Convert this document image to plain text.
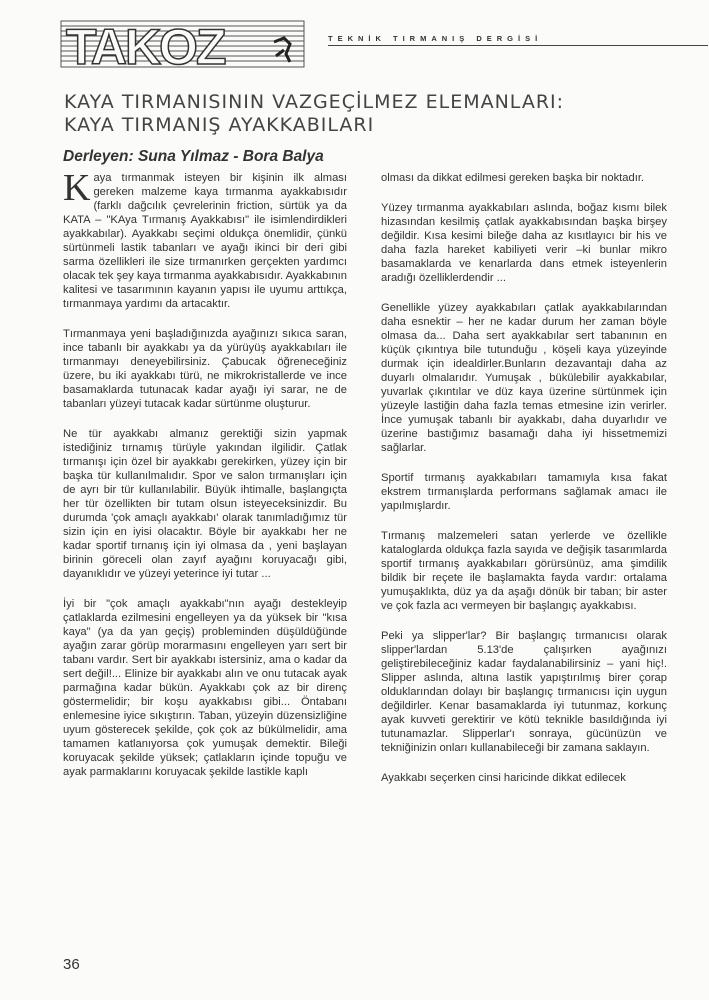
TAKOZ	TEKNİK TIRMANIŞ DERGİSİ
KAYA TIRMANISININ VAZGEÇİLMEZ ELEMANLARI:
KAYA TIRMANIŞ AYAKKABILARI
Derleyen: Suna Yılmaz - Bora Balya

Kaya tırmanmak isteyen bir kişinin ilk alması gereken malzeme kaya tırmanma ayakkabısıdır (farklı dağcılık çevrelerinin friction, sürtük ya da KATA – "KAya Tırmanış Ayakkabısı" ile isimlendirdikleri ayakkabılar). Ayakkabı seçimi oldukça önemlidir, çünkü sürtünmeli lastik tabanları ve ayağı ikinci bir deri gibi sarma özellikleri ile size tırmanırken gerçekten yardımcı olacak tek şey kaya tırmanma ayakkabısıdır. Ayakkabının kalitesi ve tasarımının kayanın yapısı ile uyumu arttıkça, tırmanmaya yardımı da artacaktır.

Tırmanmaya yeni başladığınızda ayağınızı sıkıca saran, ince tabanlı bir ayakkabı ya da yürüyüş ayakkabıları ile tırmanmayı deneyebilirsiniz. Çabucak öğreneceğiniz üzere, bu iki ayakkabı türü, ne mikrokristallerde ve ince basamaklarda tutunacak kadar ayağı iyi sarar, ne de tabanları yüzeyi tutacak kadar sürtünme oluşturur.

Ne tür ayakkabı almanız gerektiği sizin yapmak istediğiniz tırnamış türüyle yakından ilgilidir. Çatlak tırmanışı için özel bir ayakkabı gerekirken, yüzey için bir başka tür kullanılmalıdır. Spor ve salon tırmanışları için de ayrı bir tür kullanılabilir. Büyük ihtimalle, başlangıçta her tür özellikten bir tutam olsun isteyeceksinizdir. Bu durumda 'çok amaçlı ayakkabı' olarak tanımladığımız tür sizin için en iyisi olacaktır. Böyle bir ayakkabı her ne kadar sportif tırnanış için iyi olmasa da , yeni başlayan birinin göreceli olan zayıf ayağını koruyacağı gibi, dayanıklıdır ve yüzeyi yeterince iyi tutar ...

İyi bir "çok amaçlı ayakkabı"nın ayağı destekleyip çatlaklarda ezilmesini engelleyen ya da yüksek bir "kısa kaya" (ya da yan geçiş) probleminden düşüldüğünde ayağın zarar görüp morarmasını engelleyen yarı sert bir tabanı vardır. Sert bir ayakkabı istersiniz, ama o kadar da sert değil!... Elinize bir ayakkabı alın ve onu tutacak ayak parmağına kadar bükün. Ayakkabı çok az bir direnç göstermelidir; bir koşu ayakkabısı gibi... Öntabanı enlemesine iyice sıkıştırın. Taban, yüzeyin düzensizliğine uyum gösterecek şekilde, çok çok az bükülmelidir, ama tamamen katlanıyorsa çok yumuşak demektir. Bileği koruyacak şekilde yüksek; çatlakların içinde topuğu ve ayak parmaklarını koruyacak şekilde lastikle kaplı

olması da dikkat edilmesi gereken başka bir noktadır.

Yüzey tırmanma ayakkabıları aslında, boğaz kısmı bilek hizasından kesilmiş çatlak ayakkabısından başka birşey değildir. Kısa kesimi bileğe daha az kısıtlayıcı bir his ve daha fazla hareket kabiliyeti verir –ki bunlar mikro basamaklarda ve kenarlarda dans etmek isteyenlerin aradığı özelliklerdendir ...

Genellikle yüzey ayakkabıları çatlak ayakkabılarından daha esnektir – her ne kadar durum her zaman böyle olmasa da... Daha sert ayakkabılar sert tabanının en küçük çıkıntıya bile tutunduğu , köşeli kaya yüzeyinde durmak için idealdirler.Bunların dezavantajı daha az duyarlı olmalarıdır. Yumuşak , bükülebilir ayakkabılar, yuvarlak çıkıntılar ve düz kaya üzerine sürtünmek için yüzeyle lastiğin daha fazla temas etmesine izin verirler. İnce yumuşak tabanlı bir ayakkabı, daha duyarlıdır ve üzerine bastığımız basamağı daha iyi hissetmemizi sağlarlar.

Sportif tırmanış ayakkabıları tamamıyla kısa fakat ekstrem tırmanışlarda performans sağlamak amacı ile yapılmışlardır.

Tırmanış malzemeleri satan yerlerde ve özellikle kataloglarda oldukça fazla sayıda ve değişik tasarımlarda sportif tırmanış ayakkabıları görürsünüz, ama şimdilik bildik bir reçete ile başlamakta fayda vardır: ortalama yumuşaklıkta, düz ya da aşağı dönük bir taban; bir aster ve çok fazla acı vermeyen bir başlangıç ayakkabısı.

Peki ya slipper'lar? Bir başlangıç tırmanıcısı olarak slipper'lardan 5.13'de çalışırken ayağınızı geliştirebileceğiniz kadar faydalanabilirsiniz – yani hiç!. Slipper aslında, altına lastik yapıştırılmış birer çorap olduklarından dolayı bir başlangıç tırmanıcısı için uygun değildirler. Kenar basamaklarda iyi tutunmaz, korkunç ayak kuvveti gerektirir ve kötü teknikle basıldığında iyi tutunamazlar. Slipperlar'ı sonraya, gücünüzün ve tekniğinizin onları kullanabileceği bir zamana saklayın.

Ayakkabı seçerken cinsi haricinde dikkat edilecek

36
